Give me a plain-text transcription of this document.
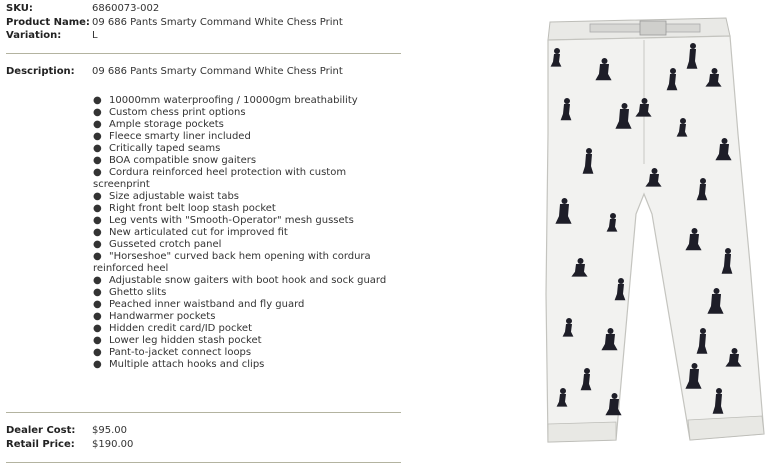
SKU:	6860073-002
Product Name: 09 686 Pants Smarty Command White Chess Print
Variation:	L
Description:	09 686 Pants Smarty Command White Chess Print
● 10000mm waterproofing / 10000gm breathability
● Custom chess print options
● Ample storage pockets
● Fleece smarty liner included
● Critically taped seams
● BOA compatible snow gaiters
● Cordura reinforced heel protection with custom screenprint
● Size adjustable waist tabs
● Right front belt loop stash pocket
● Leg vents with "Smooth-Operator" mesh gussets
● New articulated cut for improved fit
● Gusseted crotch panel
● "Horseshoe" curved back hem opening with cordura reinforced heel
● Adjustable snow gaiters with boot hook and sock guard
● Ghetto slits
● Peached inner waistband and fly guard
● Handwarmer pockets
● Hidden credit card/ID pocket
● Lower leg hidden stash pocket
● Pant-to-jacket connect loops
● Multiple attach hooks and clips
Dealer Cost:	$95.00
Retail Price:	$190.00
